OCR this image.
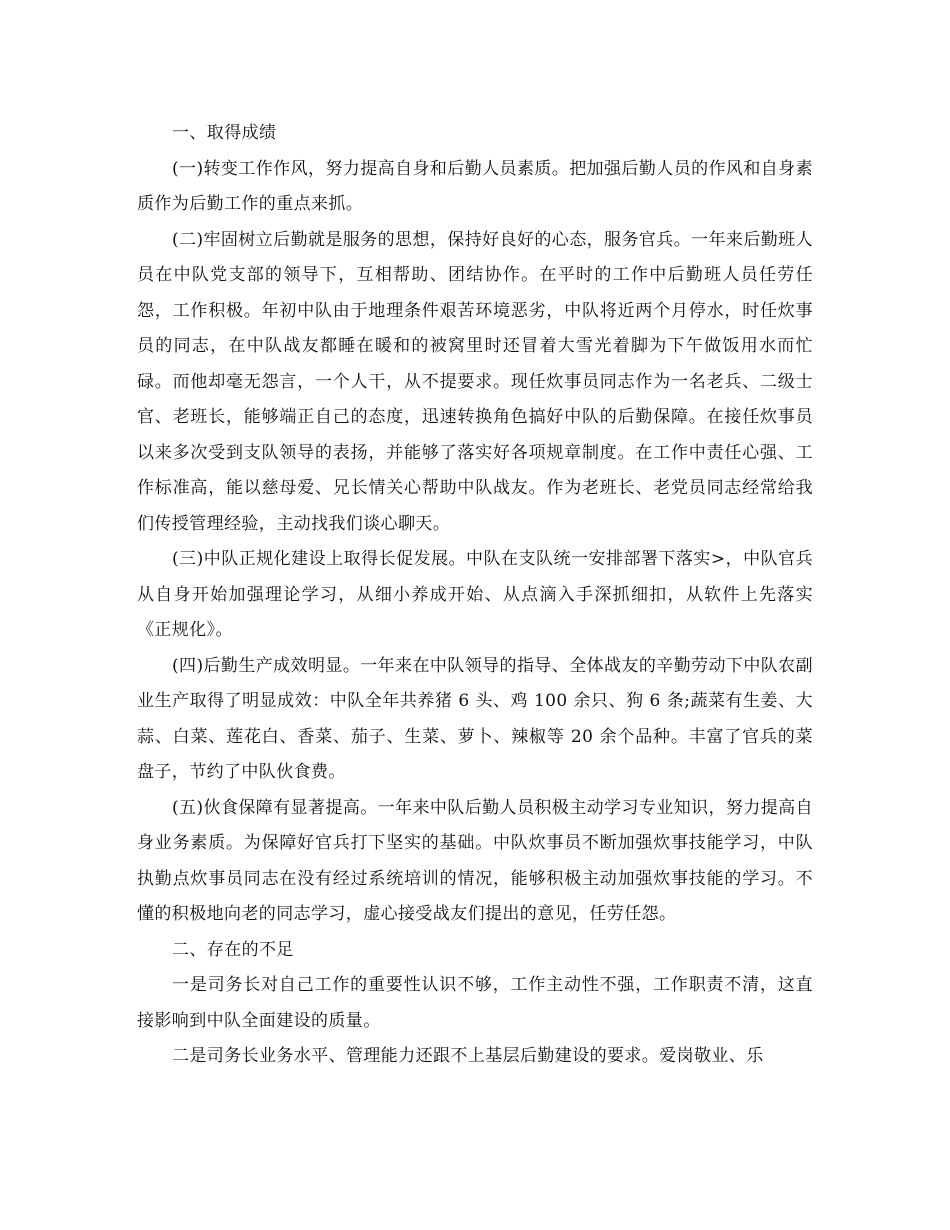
一、取得成绩

(一)转变工作作风，努力提高自身和后勤人员素质。把加强后勤人员的作风和自身素质作为后勤工作的重点来抓。

(二)牢固树立后勤就是服务的思想，保持好良好的心态，服务官兵。一年来后勤班人员在中队党支部的领导下，互相帮助、团结协作。在平时的工作中后勤班人员任劳任怨，工作积极。年初中队由于地理条件艰苦环境恶劣，中队将近两个月停水，时任炊事员的同志，在中队战友都睡在暖和的被窝里时还冒着大雪光着脚为下午做饭用水而忙碌。而他却毫无怨言，一个人干，从不提要求。现任炊事员同志作为一名老兵、二级士官、老班长，能够端正自己的态度，迅速转换角色搞好中队的后勤保障。在接任炊事员以来多次受到支队领导的表扬，并能够了落实好各项规章制度。在工作中责任心强、工作标准高，能以慈母爱、兄长情关心帮助中队战友。作为老班长、老党员同志经常给我们传授管理经验，主动找我们谈心聊天。

(三)中队正规化建设上取得长促发展。中队在支队统一安排部署下落实>，中队官兵从自身开始加强理论学习，从细小养成开始、从点滴入手深抓细扣，从软件上先落实《正规化》。

(四)后勤生产成效明显。一年来在中队领导的指导、全体战友的辛勤劳动下中队农副业生产取得了明显成效：中队全年共养猪 6 头、鸡 100 余只、狗 6 条;蔬菜有生姜、大蒜、白菜、莲花白、香菜、茄子、生菜、萝卜、辣椒等 20 余个品种。丰富了官兵的菜盘子，节约了中队伙食费。

(五)伙食保障有显著提高。一年来中队后勤人员积极主动学习专业知识，努力提高自身业务素质。为保障好官兵打下坚实的基础。中队炊事员不断加强炊事技能学习，中队执勤点炊事员同志在没有经过系统培训的情况，能够积极主动加强炊事技能的学习。不懂的积极地向老的同志学习，虚心接受战友们提出的意见，任劳任怨。

二、存在的不足

一是司务长对自己工作的重要性认识不够，工作主动性不强，工作职责不清，这直接影响到中队全面建设的质量。

二是司务长业务水平、管理能力还跟不上基层后勤建设的要求。爱岗敬业、乐
